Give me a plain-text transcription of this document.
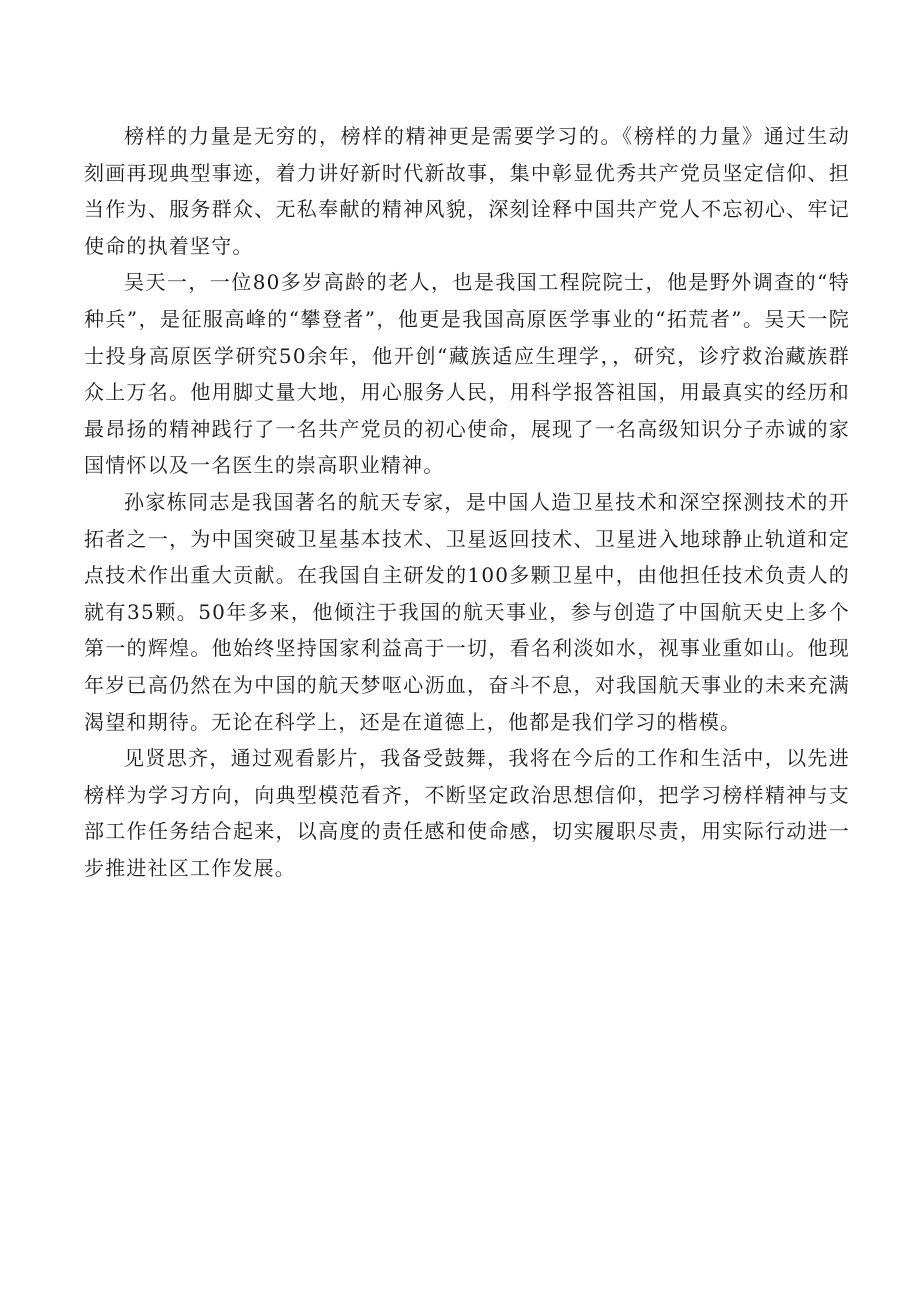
榜样的力量是无穷的，榜样的精神更是需要学习的。《榜样的力量》通过生动刻画再现典型事迹，着力讲好新时代新故事，集中彰显优秀共产党员坚定信仰、担当作为、服务群众、无私奉献的精神风貌，深刻诠释中国共产党人不忘初心、牢记使命的执着坚守。

吴天一，一位80多岁高龄的老人，也是我国工程院院士，他是野外调查的“特种兵”，是征服高峰的“攀登者”，他更是我国高原医学事业的“拓荒者”。吴天一院士投身高原医学研究50余年，他开创“藏族适应生理学，，研究，诊疗救治藏族群众上万名。他用脚丈量大地，用心服务人民，用科学报答祖国，用最真实的经历和最昂扬的精神践行了一名共产党员的初心使命，展现了一名高级知识分子赤诚的家国情怀以及一名医生的崇高职业精神。

孙家栋同志是我国著名的航天专家，是中国人造卫星技术和深空探测技术的开拓者之一，为中国突破卫星基本技术、卫星返回技术、卫星进入地球静止轨道和定点技术作出重大贡献。在我国自主研发的100多颗卫星中，由他担任技术负责人的就有35颗。50年多来，他倾注于我国的航天事业，参与创造了中国航天史上多个第一的辉煌。他始终坚持国家利益高于一切，看名利淡如水，视事业重如山。他现年岁已高仍然在为中国的航天梦呕心沥血，奋斗不息，对我国航天事业的未来充满渴望和期待。无论在科学上，还是在道德上，他都是我们学习的楷模。

见贤思齐，通过观看影片，我备受鼓舞，我将在今后的工作和生活中，以先进榜样为学习方向，向典型模范看齐，不断坚定政治思想信仰，把学习榜样精神与支部工作任务结合起来，以高度的责任感和使命感，切实履职尽责，用实际行动进一步推进社区工作发展。
